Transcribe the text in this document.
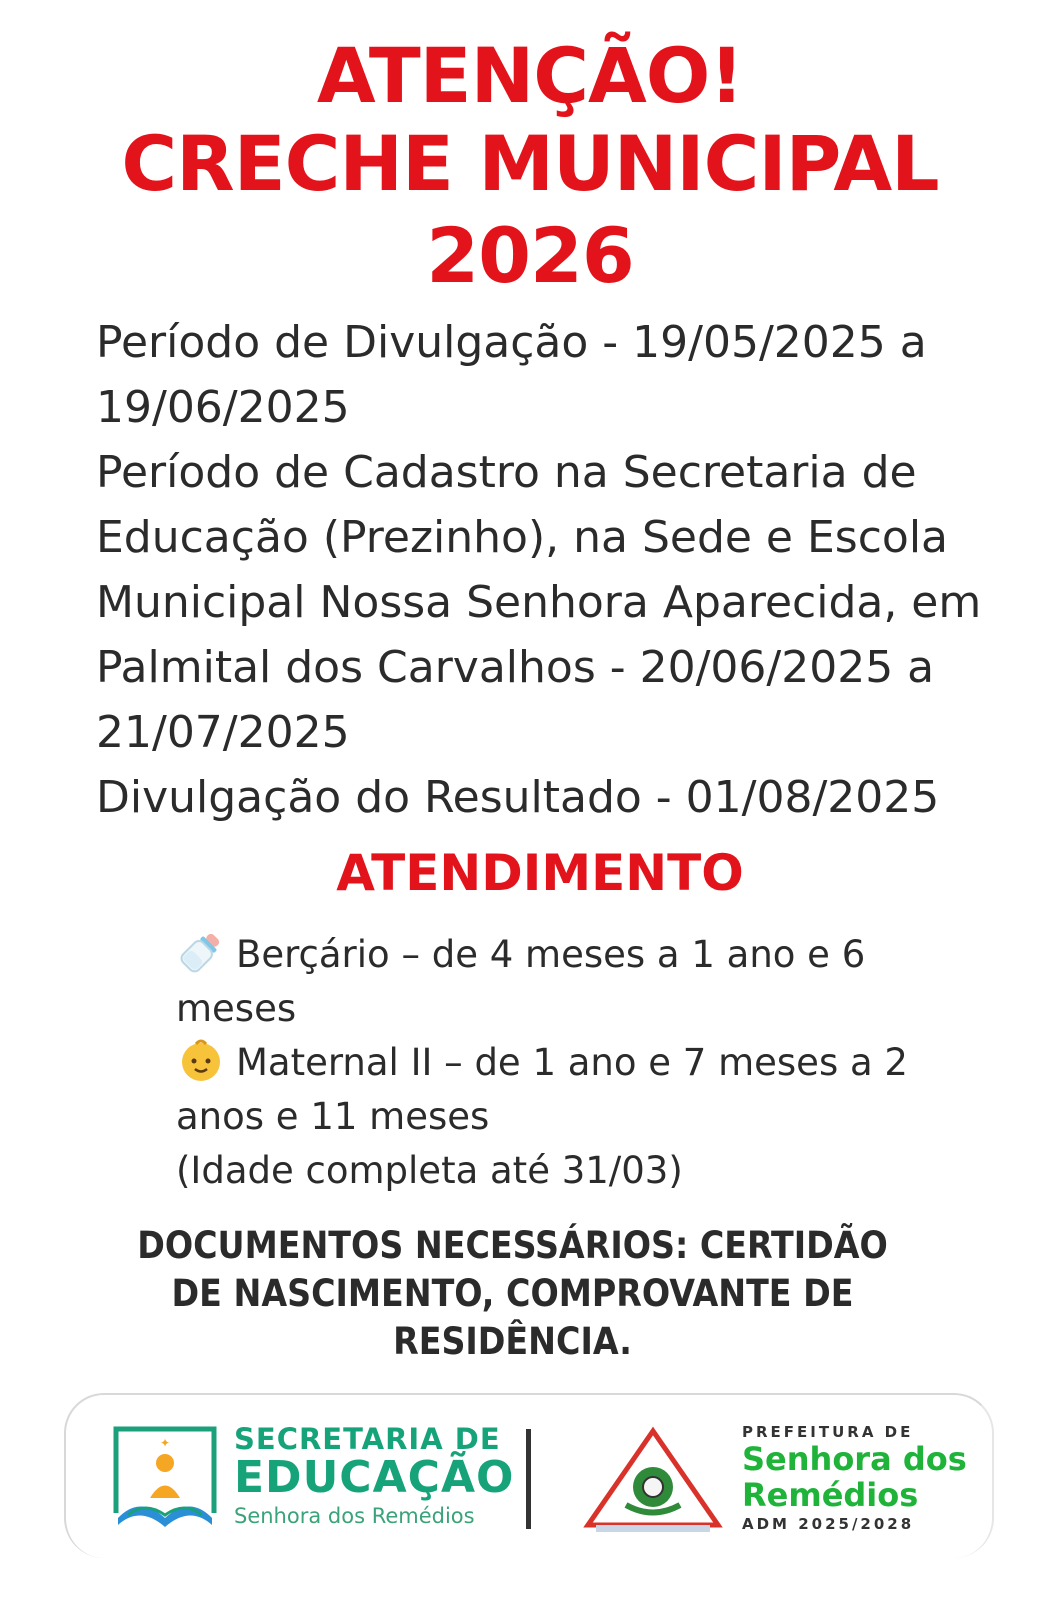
ATENÇÃO!
CRECHE MUNICIPAL
2026
Período de Divulgação - 19/05/2025 a
19/06/2025
Período de Cadastro na Secretaria de
Educação (Prezinho), na Sede e Escola
Municipal Nossa Senhora Aparecida, em
Palmital dos Carvalhos - 20/06/2025 a
21/07/2025
Divulgação do Resultado - 01/08/2025
ATENDIMENTO
Berçário – de 4 meses a 1 ano e 6
meses
Maternal II – de 1 ano e 7 meses a 2
anos e 11 meses
(Idade completa até 31/03)
DOCUMENTOS NECESSÁRIOS: CERTIDÃO
DE NASCIMENTO, COMPROVANTE DE
RESIDÊNCIA.
✦ SECRETARIA DE
EDUCAÇÃO
Senhora dos Remédios
PREFEITURA DE
Senhora dos
Remédios
ADM 2025/2028
